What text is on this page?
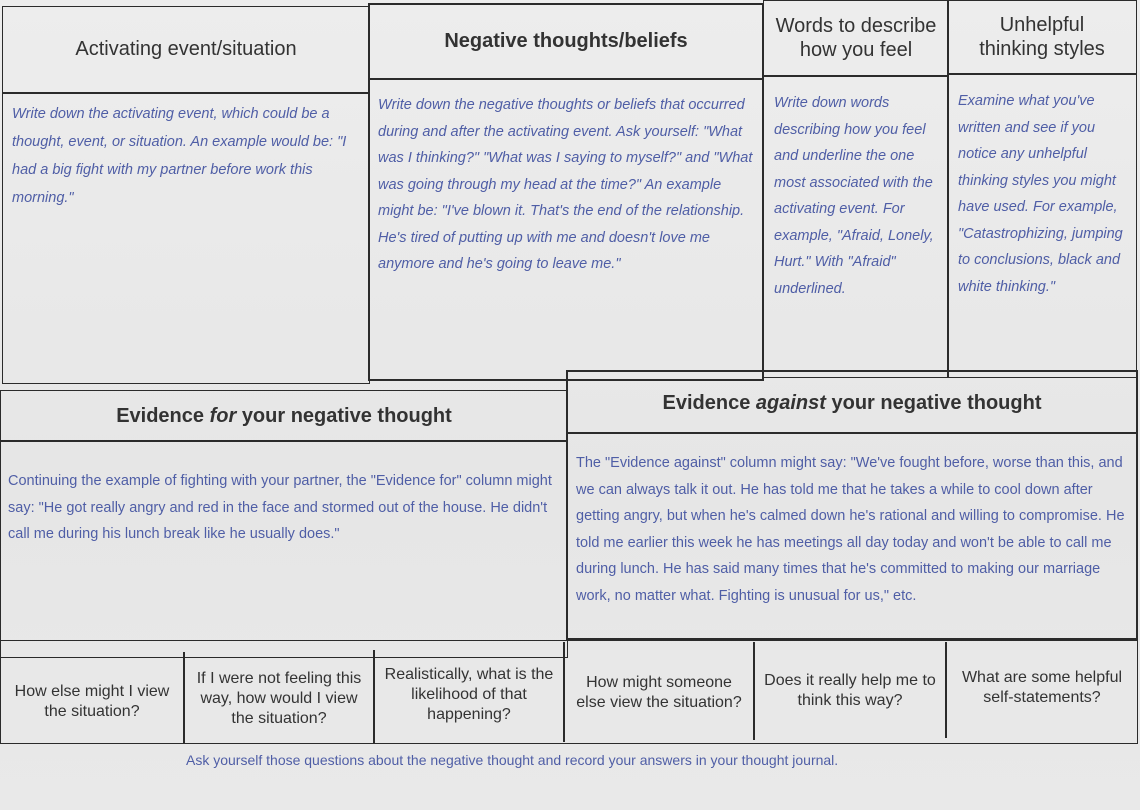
Activating event/situation
Write down the activating event, which could be a thought, event, or situation. An example would be: "I had a big fight with my partner before work this morning."
Negative thoughts/beliefs
Write down the negative thoughts or beliefs that occurred during and after the activating event. Ask yourself: "What was I thinking?" "What was I saying to myself?" and "What was going through my head at the time?" An example might be: "I've blown it. That's the end of the relationship. He's tired of putting up with me and doesn't love me anymore and he's going to leave me."
Words to describe how you feel
Write down words describing how you feel and underline the one most associated with the activating event. For example, "Afraid, Lonely, Hurt." With "Afraid" underlined.
Unhelpful thinking styles
Examine what you've written and see if you notice any unhelpful thinking styles you might have used. For example, "Catastrophizing, jumping to conclusions, black and white thinking."
Evidence
for
your negative thought
Continuing the example of fighting with your partner, the "Evidence for" column might say: "He got really angry and red in the face and stormed out of the house. He didn't call me during his lunch break like he usually does."
Evidence
against
your negative thought
The "Evidence against" column might say: "We've fought before, worse than this, and we can always talk it out. He has told me that he takes a while to cool down after getting angry, but when he's calmed down he's rational and willing to compromise. He told me earlier this week he has meetings all day today and won't be able to call me during lunch. He has said many times that he's committed to making our marriage work, no matter what. Fighting is unusual for us," etc.
How else might I view the situation?
If I were not feeling this way, how would I view the situation?
Realistically, what is the likelihood of that happening?
How might someone else view the situation?
Does it really help me to think this way?
What are some helpful self-statements?
Ask yourself those questions about the negative thought and record your answers in your thought journal.
